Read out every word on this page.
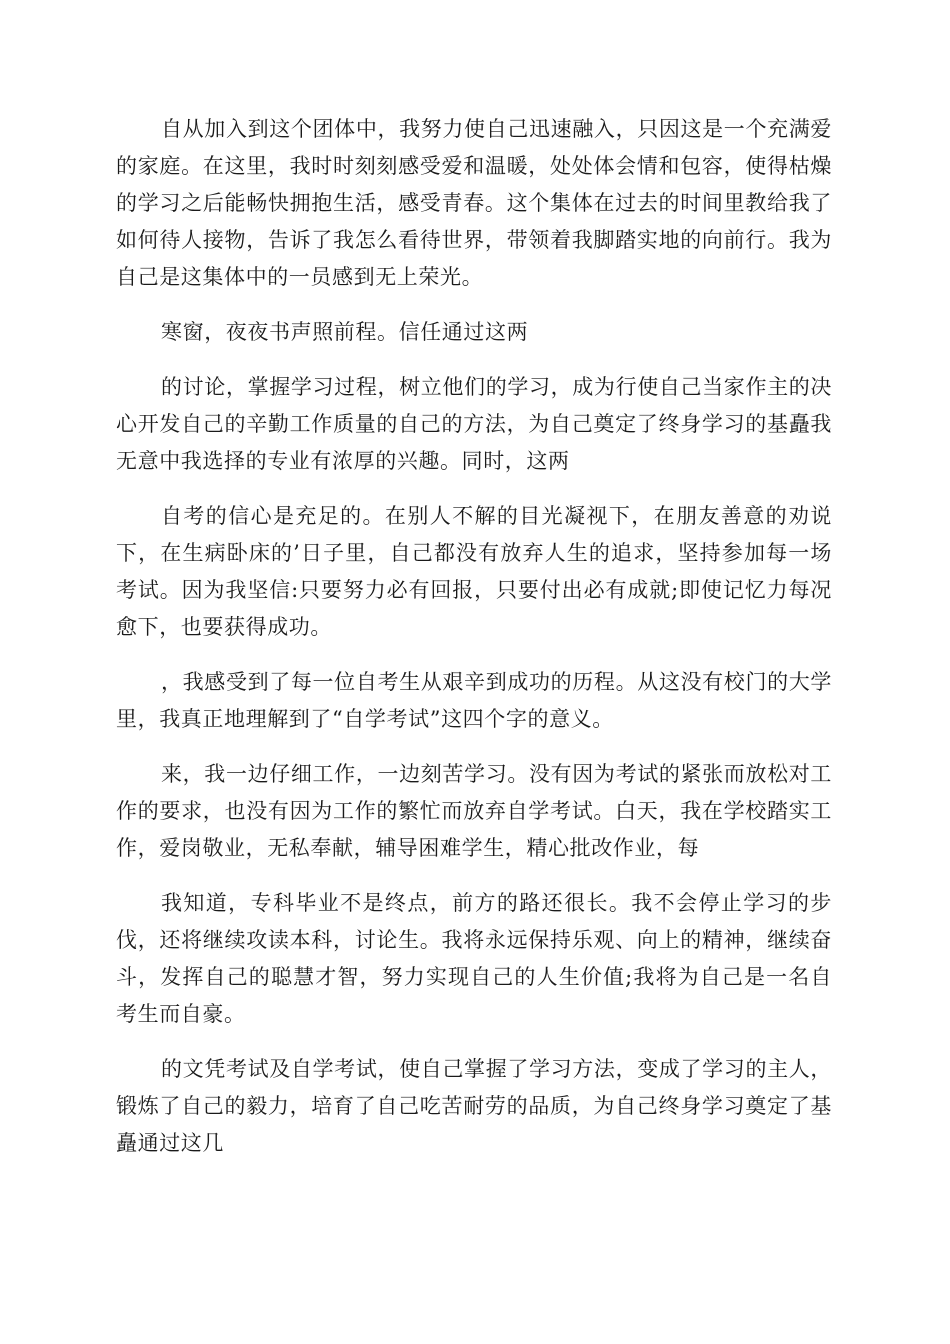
自从加入到这个团体中，我努力使自己迅速融入，只因这是一个充满爱的家庭。在这里，我时时刻刻感受爱和温暖，处处体会情和包容，使得枯燥的学习之后能畅快拥抱生活，感受青春。这个集体在过去的时间里教给我了如何待人接物，告诉了我怎么看待世界，带领着我脚踏实地的向前行。我为自己是这集体中的一员感到无上荣光。

寒窗，夜夜书声照前程。信任通过这两

的讨论，掌握学习过程，树立他们的学习，成为行使自己当家作主的决心开发自己的辛勤工作质量的自己的方法，为自己奠定了终身学习的基矗我无意中我选择的专业有浓厚的兴趣。同时，这两

自考的信心是充足的。在别人不解的目光凝视下，在朋友善意的劝说下，在生病卧床的’日子里，自己都没有放弃人生的追求，坚持参加每一场考试。因为我坚信:只要努力必有回报，只要付出必有成就;即使记忆力每况愈下，也要获得成功。

，我感受到了每一位自考生从艰辛到成功的历程。从这没有校门的大学里，我真正地理解到了“自学考试”这四个字的意义。

来，我一边仔细工作，一边刻苦学习。没有因为考试的紧张而放松对工作的要求，也没有因为工作的繁忙而放弃自学考试。白天，我在学校踏实工作，爱岗敬业，无私奉献，辅导困难学生，精心批改作业，每

我知道，专科毕业不是终点，前方的路还很长。我不会停止学习的步伐，还将继续攻读本科，讨论生。我将永远保持乐观、向上的精神，继续奋斗，发挥自己的聪慧才智，努力实现自己的人生价值;我将为自己是一名自考生而自豪。

的文凭考试及自学考试，使自己掌握了学习方法，变成了学习的主人，锻炼了自己的毅力，培育了自己吃苦耐劳的品质，为自己终身学习奠定了基矗通过这几
